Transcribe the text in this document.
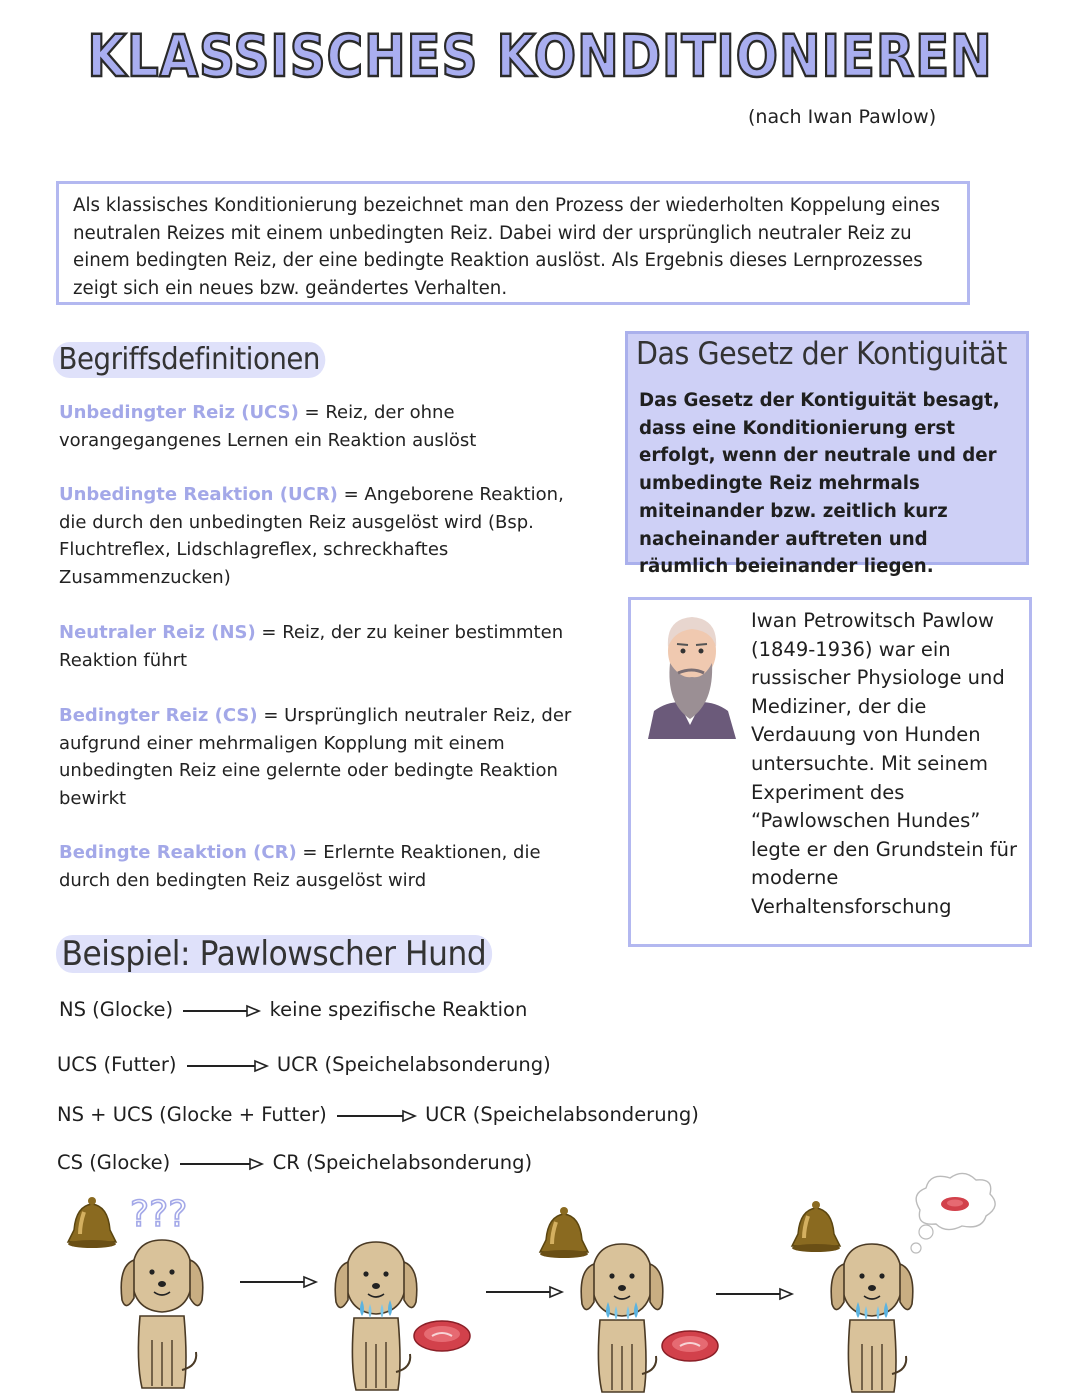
KLASSISCHES KONDITIONIEREN
(nach Iwan Pawlow)
Als klassisches Konditionierung bezeichnet man den Prozess der wiederholten Koppelung eines neutralen Reizes mit einem unbedingten Reiz. Dabei wird der ursprünglich neutraler Reiz zu einem bedingten Reiz, der eine bedingte Reaktion auslöst. Als Ergebnis dieses Lernprozesses zeigt sich ein neues bzw. geändertes Verhalten.
Begriffsdefinitionen
Unbedingter Reiz (UCS) = Reiz, der ohne vorangegangenes Lernen ein Reaktion auslöst
Unbedingte Reaktion (UCR) = Angeborene Reaktion, die durch den unbedingten Reiz ausgelöst wird (Bsp. Fluchtreflex, Lidschlagreflex, schreckhaftes Zusammenzucken)
Neutraler Reiz (NS) = Reiz, der zu keiner bestimmten Reaktion führt
Bedingter Reiz (CS) = Ursprünglich neutraler Reiz, der aufgrund einer mehrmaligen Kopplung mit einem unbedingten Reiz eine gelernte oder bedingte Reaktion bewirkt
Bedingte Reaktion (CR) = Erlernte Reaktionen, die durch den bedingten Reiz ausgelöst wird
Das Gesetz der Kontiguität
Das Gesetz der Kontiguität besagt, dass eine Konditionierung erst erfolgt, wenn der neutrale und der umbedingte Reiz mehrmals miteinander bzw. zeitlich kurz nacheinander auftreten und räumlich beieinander liegen.
Iwan Petrowitsch Pawlow (1849-1936) war ein russischer Physiologe und Mediziner, der die Verdauung von Hunden untersuchte. Mit seinem Experiment des “Pawlowschen Hundes” legte er den Grundstein für moderne Verhaltensforschung
Beispiel: Pawlowscher Hund
NS (Glocke)	keine spezifische Reaktion
UCS (Futter)	UCR (Speichelabsonderung)
NS + UCS (Glocke + Futter)	UCR (Speichelabsonderung)
CS (Glocke)	CR (Speichelabsonderung)
???
